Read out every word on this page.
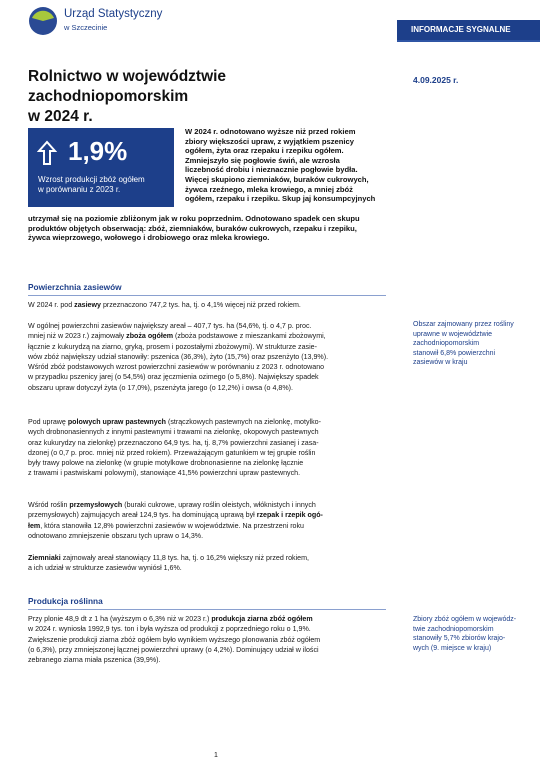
Urząd Statystyczny
w Szczecinie	INFORMACJE SYGNALNE
Rolnictwo w województwie zachodniopomorskim
w 2024 r.
4.09.2025 r.
1,9%
Wzrost produkcji zbóż ogółem
w porównaniu z 2023 r.
W 2024 r. odnotowano wyższe niż przed rokiem
zbiory większości upraw, z wyjątkiem pszenicy
ogółem, żyta oraz rzepaku i rzepiku ogółem.
Zmniejszyło się pogłowie świń, ale wzrosła
liczebność drobiu i nieznacznie pogłowie bydła.
Więcej skupiono ziemniaków, buraków cukrowych,
żywca rzeźnego, mleka krowiego, a mniej zbóż
ogółem, rzepaku i rzepiku. Skup jaj konsumpcyjnych
utrzymał się na poziomie zbliżonym jak w roku poprzednim. Odnotowano spadek cen skupu
produktów objętych obserwacją: zbóż, ziemniaków, buraków cukrowych, rzepaku i rzepiku,
żywca wieprzowego, wołowego i drobiowego oraz mleka krowiego.
Powierzchnia zasiewów
W 2024 r. pod zasiewy przeznaczono 747,2 tys. ha, tj. o 4,1% więcej niż przed rokiem.
W ogólnej powierzchni zasiewów największy areał – 407,7 tys. ha (54,6%, tj. o 4,7 p. proc.
mniej niż w 2023 r.) zajmowały zboża ogółem (zboża podstawowe z mieszankami zbożowymi,
łącznie z kukurydzą na ziarno, gryką, prosem i pozostałymi zbożowymi). W strukturze zasie-
wów zbóż największy udział stanowiły: pszenica (36,3%), żyto (15,7%) oraz pszenżyto (13,9%).
Wśród zbóż podstawowych wzrost powierzchni zasiewów w porównaniu z 2023 r. odnotowano
w przypadku pszenicy jarej (o 54,5%) oraz jęczmienia ozimego (o 5,8%). Największy spadek
obszaru upraw dotyczył żyta (o 17,0%), pszenżyta jarego (o 12,2%) i owsa (o 4,8%).
Pod uprawę polowych upraw pastewnych (strączkowych pastewnych na zielonkę, motylko-
wych drobnonasiennych z innymi pastewnymi i trawami na zielonkę, okopowych pastewnych
oraz kukurydzy na zielonkę) przeznaczono 64,9 tys. ha, tj. 8,7% powierzchni zasianej i zasa-
dzonej (o 0,7 p. proc. mniej niż przed rokiem). Przeważającym gatunkiem w tej grupie roślin
były trawy polowe na zielonkę (w grupie motylkowe drobnonasienne na zielonkę łącznie
z trawami i pastwiskami polowymi), stanowiące 41,5% powierzchni upraw pastewnych.
Wśród roślin przemysłowych (buraki cukrowe, uprawy roślin oleistych, włóknistych i innych
przemysłowych) zajmujących areał 124,9 tys. ha dominującą uprawą był rzepak i rzepik ogó-
łem, która stanowiła 12,8% powierzchni zasiewów w województwie. Na przestrzeni roku
odnotowano zmniejszenie obszaru tych upraw o 14,3%.
Ziemniaki zajmowały areał stanowiący 11,8 tys. ha, tj. o 16,2% większy niż przed rokiem,
a ich udział w strukturze zasiewów wyniósł 1,6%.
Obszar zajmowany przez rośliny
uprawne w województwie
zachodniopomorskim
stanowił 6,8% powierzchni
zasiewów w kraju
Produkcja roślinna
Przy plonie 48,9 dt z 1 ha (wyższym o 6,3% niż w 2023 r.) produkcja ziarna zbóż ogółem
w 2024 r. wyniosła 1992,9 tys. ton i była wyższa od produkcji z poprzedniego roku o 1,9%.
Zwiększenie produkcji ziarna zbóż ogółem było wynikiem wyższego plonowania zbóż ogółem
(o 6,3%), przy zmniejszonej łącznej powierzchni uprawy (o 4,2%). Dominujący udział w ilości
zebranego ziarna miała pszenica (39,9%).
Zbiory zbóż ogółem w wojewódz-
twie zachodniopomorskim
stanowiły 5,7% zbiorów krajo-
wych (9. miejsce w kraju)
1
